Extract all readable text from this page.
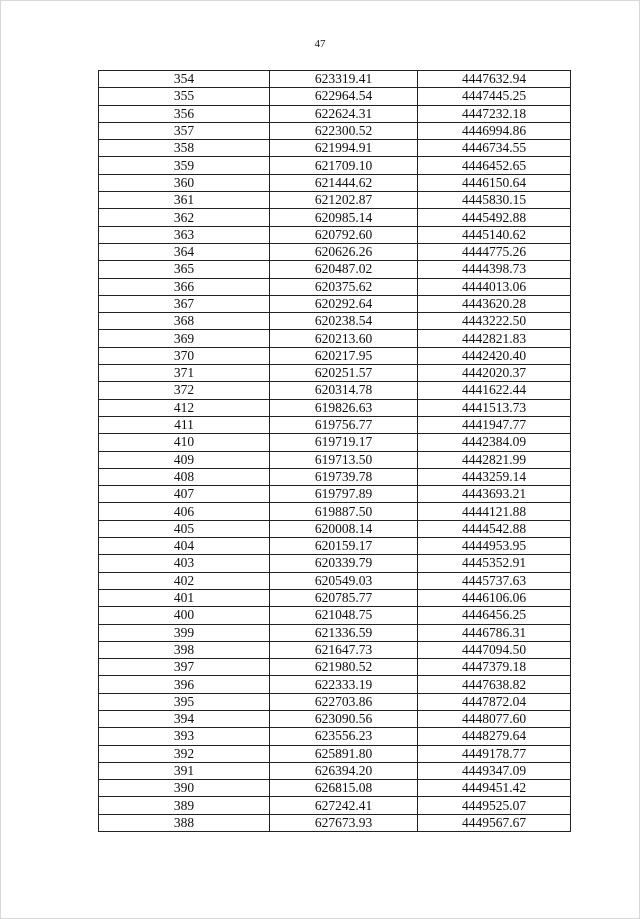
47
354	623319.41	4447632.94
355	622964.54	4447445.25
356	622624.31	4447232.18
357	622300.52	4446994.86
358	621994.91	4446734.55
359	621709.10	4446452.65
360	621444.62	4446150.64
361	621202.87	4445830.15
362	620985.14	4445492.88
363	620792.60	4445140.62
364	620626.26	4444775.26
365	620487.02	4444398.73
366	620375.62	4444013.06
367	620292.64	4443620.28
368	620238.54	4443222.50
369	620213.60	4442821.83
370	620217.95	4442420.40
371	620251.57	4442020.37
372	620314.78	4441622.44
412	619826.63	4441513.73
411	619756.77	4441947.77
410	619719.17	4442384.09
409	619713.50	4442821.99
408	619739.78	4443259.14
407	619797.89	4443693.21
406	619887.50	4444121.88
405	620008.14	4444542.88
404	620159.17	4444953.95
403	620339.79	4445352.91
402	620549.03	4445737.63
401	620785.77	4446106.06
400	621048.75	4446456.25
399	621336.59	4446786.31
398	621647.73	4447094.50
397	621980.52	4447379.18
396	622333.19	4447638.82
395	622703.86	4447872.04
394	623090.56	4448077.60
393	623556.23	4448279.64
392	625891.80	4449178.77
391	626394.20	4449347.09
390	626815.08	4449451.42
389	627242.41	4449525.07
388	627673.93	4449567.67
